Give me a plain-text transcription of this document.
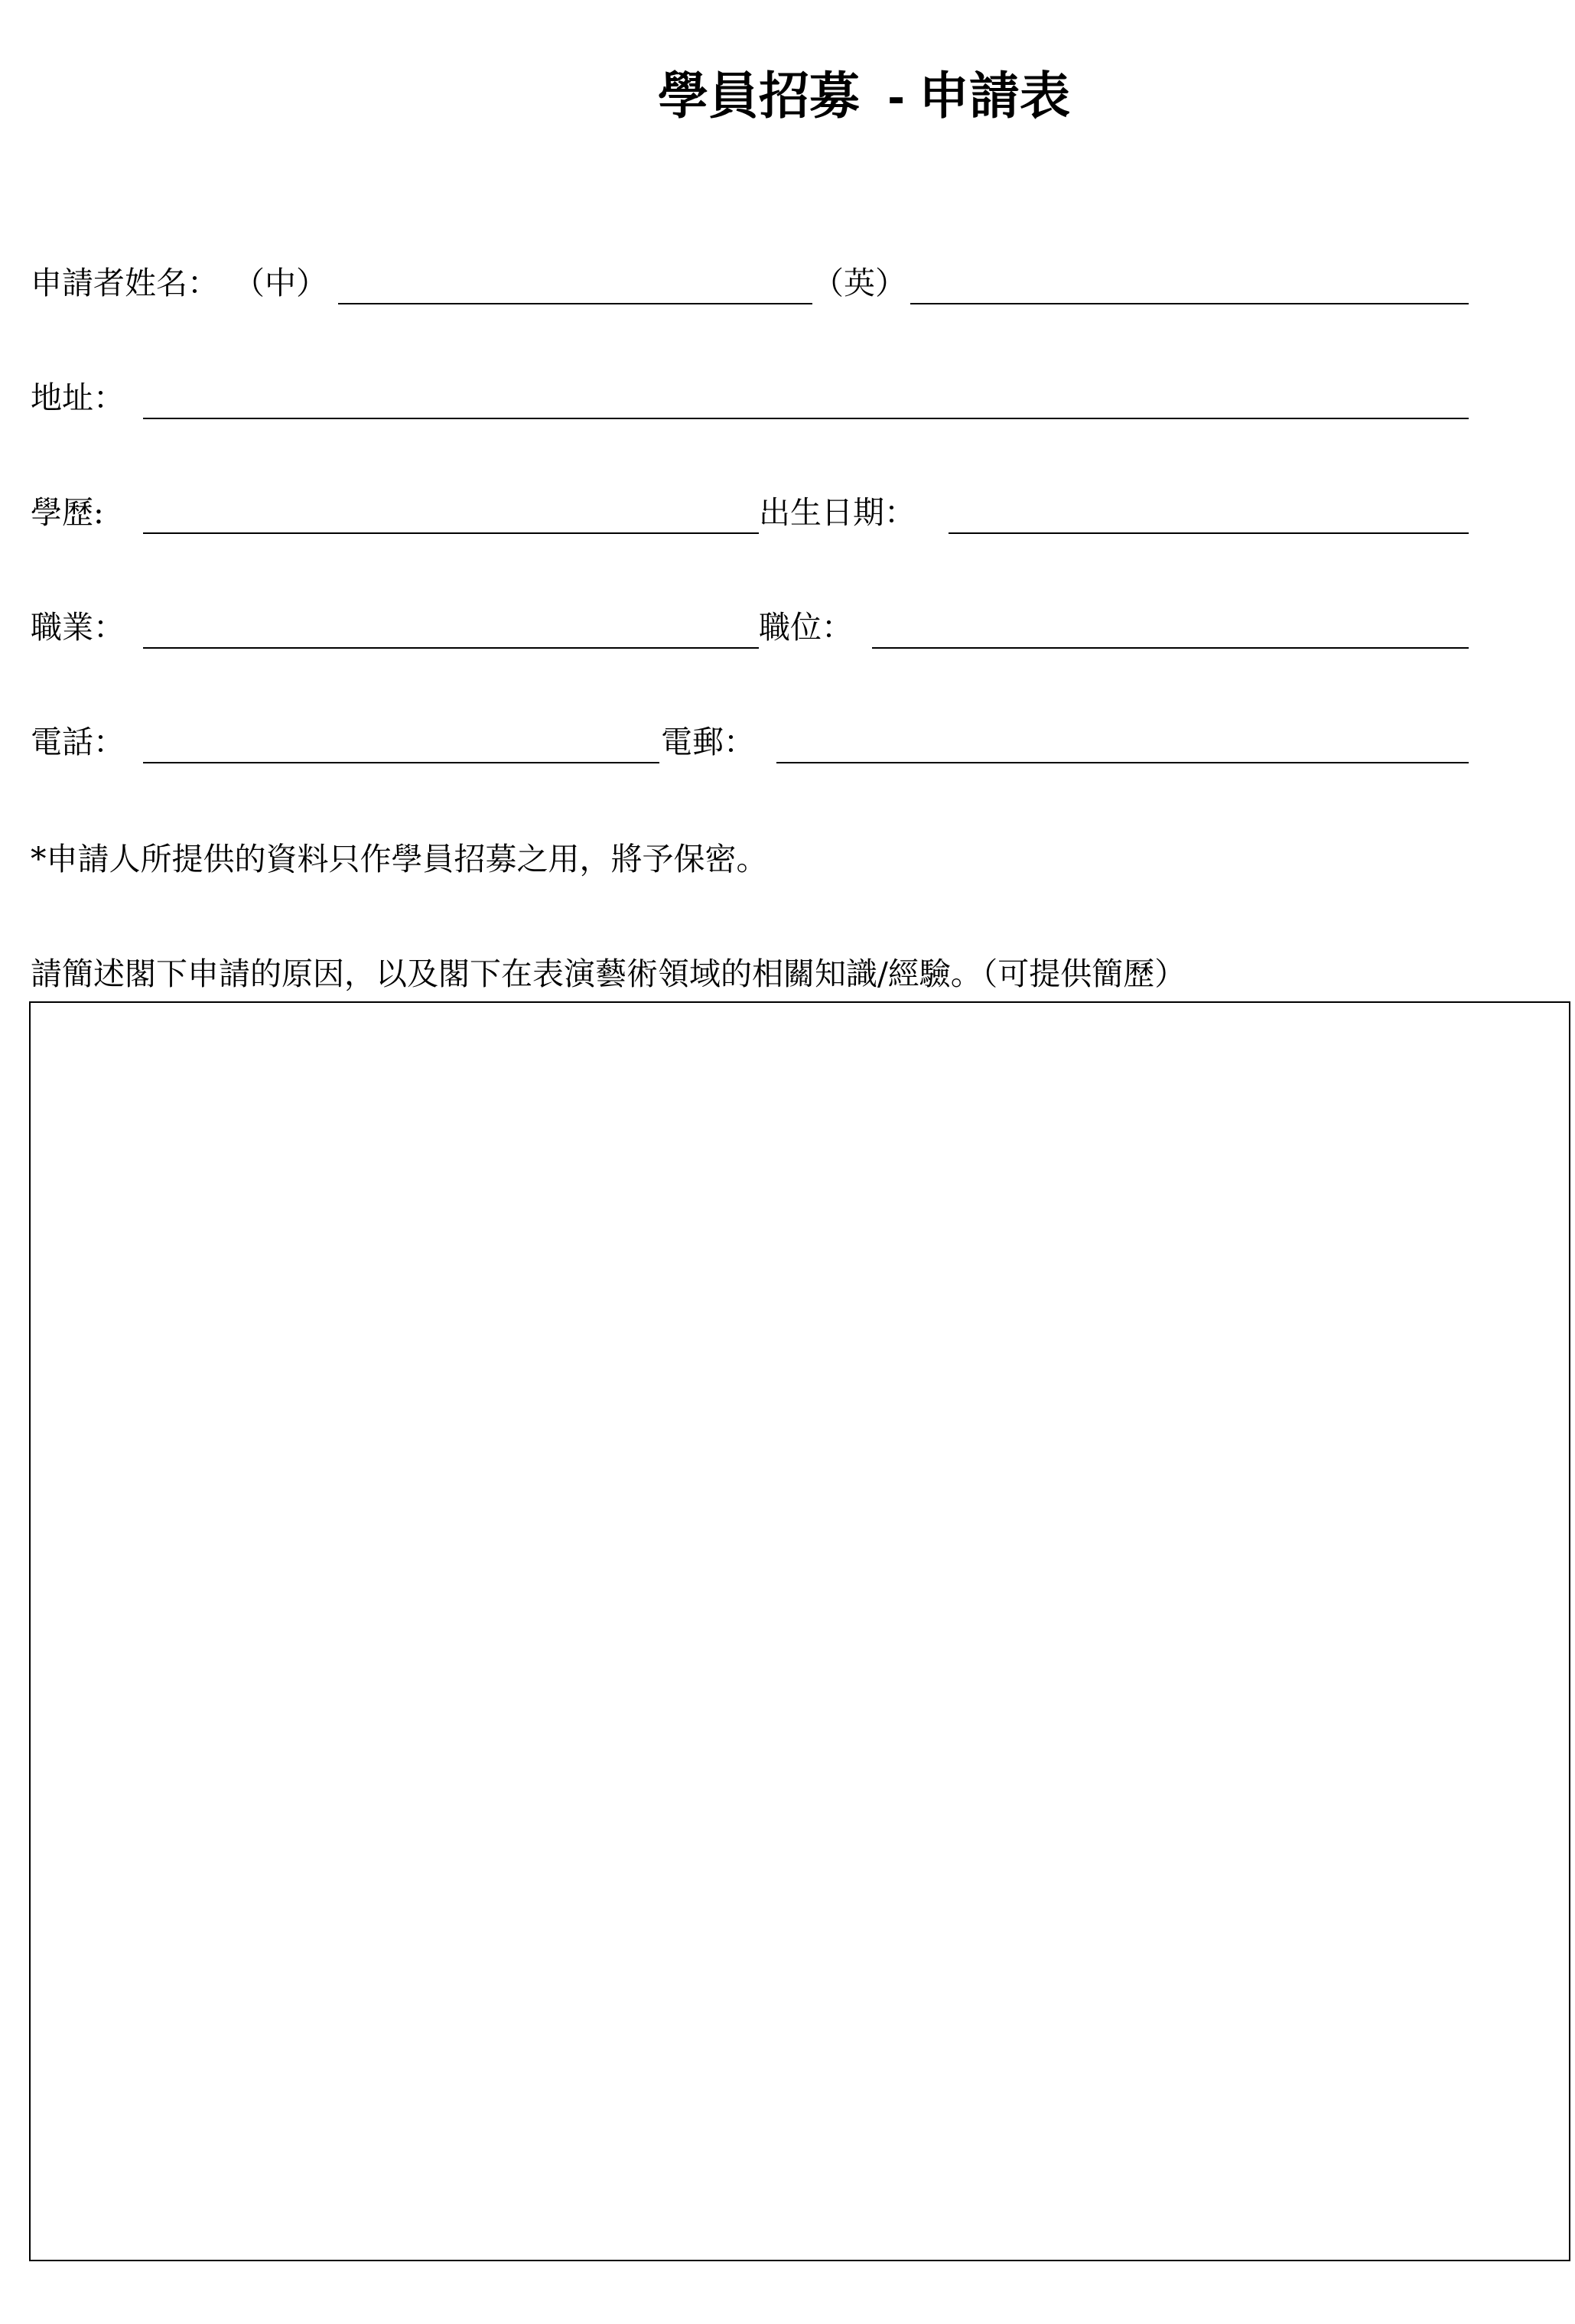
學員招募  - 申請表
申請者姓名： （中）	（英）
地址：
學歷:	出生日期：
職業：	職位：
電話：	電郵：
*申請人所提供的資料只作學員招募之用，將予保密。
請簡述閣下申請的原因，以及閣下在表演藝術領域的相關知識/經驗。（可提供簡歷）
